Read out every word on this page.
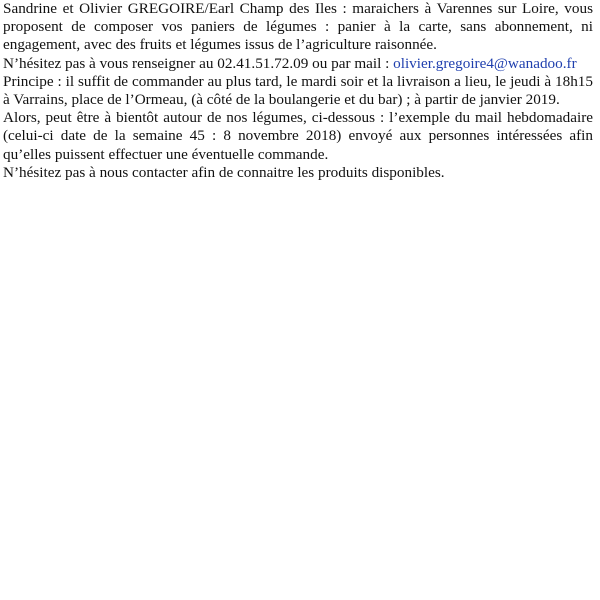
Sandrine et Olivier GREGOIRE/Earl Champ des Iles : maraichers à Varennes sur Loire, vous proposent de composer vos paniers de légumes : panier à la carte, sans abonnement, ni engagement, avec des fruits et légumes issus de l’agriculture raisonnée.

N’hésitez pas à vous renseigner au 02.41.51.72.09 ou par mail : olivier.gregoire4@wanadoo.fr

Principe : il suffit de commander au plus tard, le mardi soir et la livraison a lieu, le jeudi à 18h15 à Varrains, place de l’Ormeau, (à côté de la boulangerie et du bar) ; à partir de janvier 2019.

Alors, peut être à bientôt autour de nos légumes, ci-dessous : l’exemple du mail hebdomadaire (celui-ci date de la semaine 45 : 8 novembre 2018) envoyé aux personnes intéressées afin qu’elles puissent effectuer une éventuelle commande.

N’hésitez pas à nous contacter afin de connaitre les produits disponibles.
